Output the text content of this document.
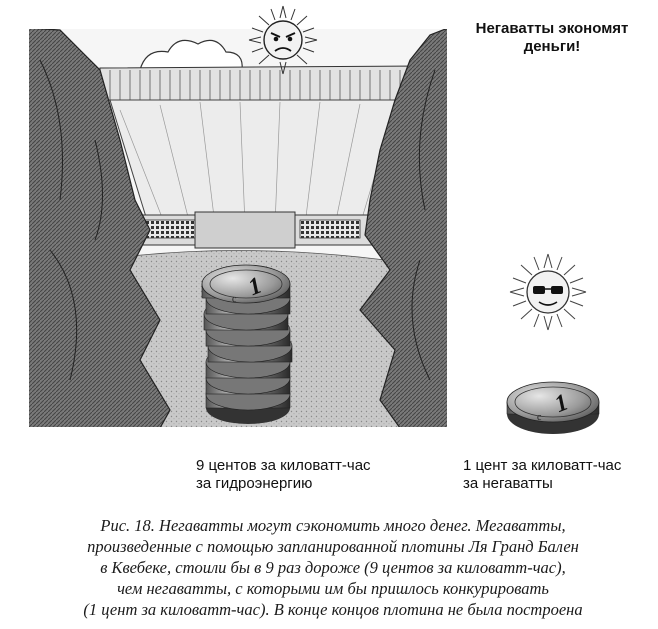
1
c
1
c
Негаватты экономят
деньги!
9 центов за киловатт-час
за гидроэнергию
1 цент за киловатт-час
за негаватты
Рис. 18. Негаватты могут сэкономить много денег. Мегаватты,
произведенные с помощью запланированной плотины Ля Гранд Бален
в Квебеке, стоили бы в 9 раз дороже (9 центов за киловатт-час),
чем негаватты, с которыми им бы пришлось конкурировать
(1 цент за киловатт-час). В конце концов плотина не была построена
